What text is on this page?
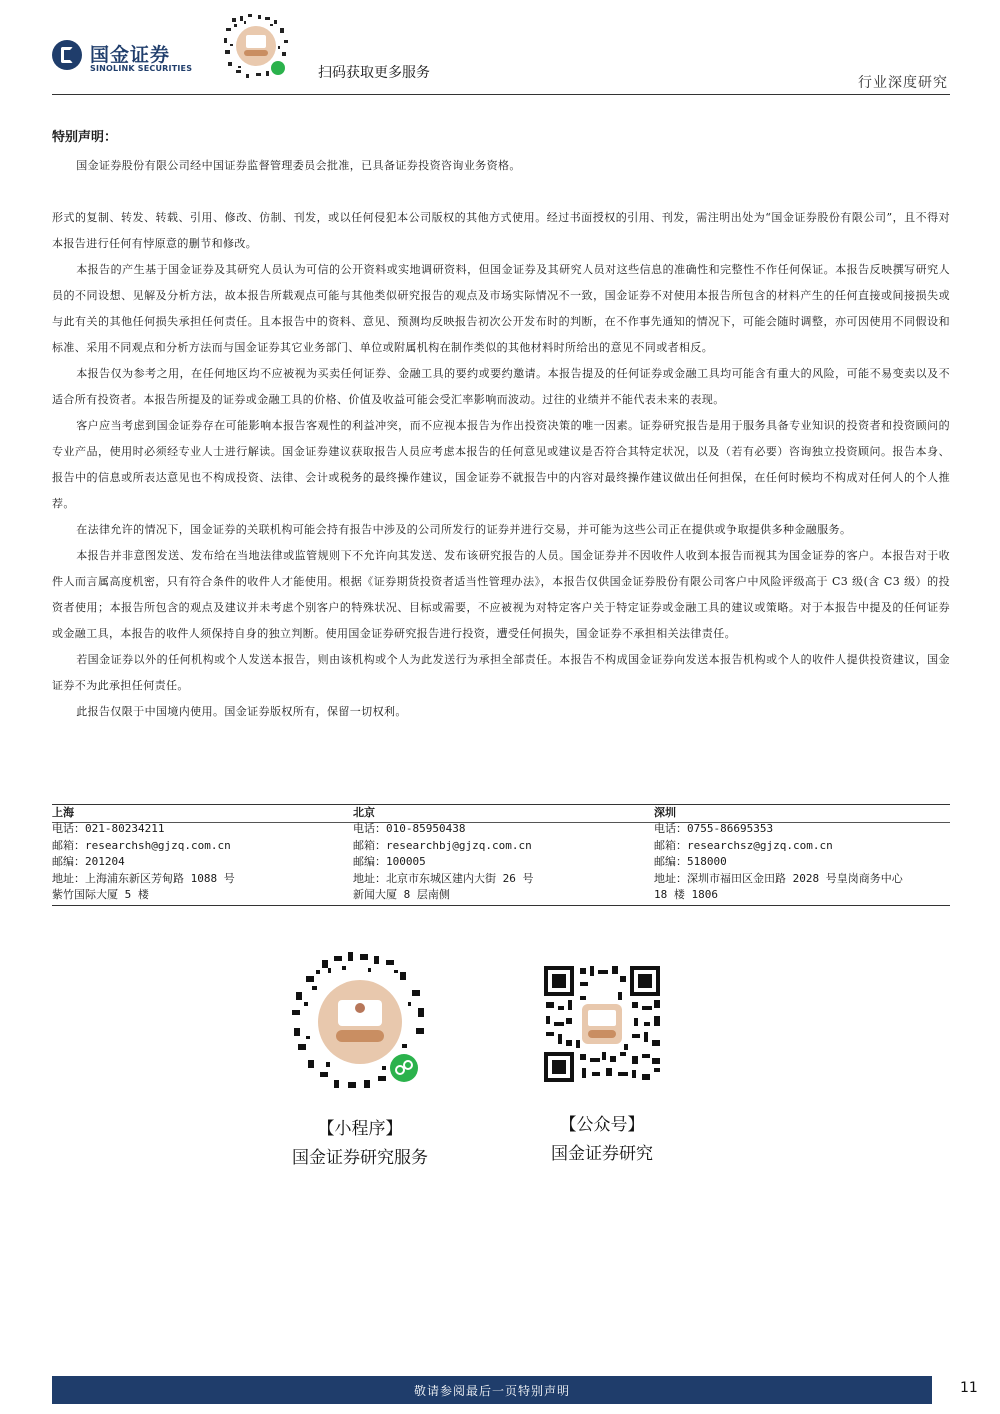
国金证券
SINOLINK SECURITIES	扫码获取更多服务
行业深度研究
特别声明：

国金证券股份有限公司经中国证券监督管理委员会批准，已具备证券投资咨询业务资格。

形式的复制、转发、转载、引用、修改、仿制、刊发，或以任何侵犯本公司版权的其他方式使用。经过书面授权的引用、刊发，需注明出处为“国金证券股份有限公司”，且不得对本报告进行任何有悖原意的删节和修改。

本报告的产生基于国金证券及其研究人员认为可信的公开资料或实地调研资料，但国金证券及其研究人员对这些信息的准确性和完整性不作任何保证。本报告反映撰写研究人员的不同设想、见解及分析方法，故本报告所载观点可能与其他类似研究报告的观点及市场实际情况不一致，国金证券不对使用本报告所包含的材料产生的任何直接或间接损失或与此有关的其他任何损失承担任何责任。且本报告中的资料、意见、预测均反映报告初次公开发布时的判断，在不作事先通知的情况下，可能会随时调整，亦可因使用不同假设和标准、采用不同观点和分析方法而与国金证券其它业务部门、单位或附属机构在制作类似的其他材料时所给出的意见不同或者相反。

本报告仅为参考之用，在任何地区均不应被视为买卖任何证券、金融工具的要约或要约邀请。本报告提及的任何证券或金融工具均可能含有重大的风险，可能不易变卖以及不适合所有投资者。本报告所提及的证券或金融工具的价格、价值及收益可能会受汇率影响而波动。过往的业绩并不能代表未来的表现。

客户应当考虑到国金证券存在可能影响本报告客观性的利益冲突，而不应视本报告为作出投资决策的唯一因素。证券研究报告是用于服务具备专业知识的投资者和投资顾问的专业产品，使用时必须经专业人士进行解读。国金证券建议获取报告人员应考虑本报告的任何意见或建议是否符合其特定状况，以及（若有必要）咨询独立投资顾问。报告本身、报告中的信息或所表达意见也不构成投资、法律、会计或税务的最终操作建议，国金证券不就报告中的内容对最终操作建议做出任何担保，在任何时候均不构成对任何人的个人推荐。

在法律允许的情况下，国金证券的关联机构可能会持有报告中涉及的公司所发行的证券并进行交易，并可能为这些公司正在提供或争取提供多种金融服务。

本报告并非意图发送、发布给在当地法律或监管规则下不允许向其发送、发布该研究报告的人员。国金证券并不因收件人收到本报告而视其为国金证券的客户。本报告对于收件人而言属高度机密，只有符合条件的收件人才能使用。根据《证券期货投资者适当性管理办法》，本报告仅供国金证券股份有限公司客户中风险评级高于 C3 级(含 C3 级）的投资者使用；本报告所包含的观点及建议并未考虑个别客户的特殊状况、目标或需要，不应被视为对特定客户关于特定证券或金融工具的建议或策略。对于本报告中提及的任何证券或金融工具，本报告的收件人须保持自身的独立判断。使用国金证券研究报告进行投资，遭受任何损失，国金证券不承担相关法律责任。

若国金证券以外的任何机构或个人发送本报告，则由该机构或个人为此发送行为承担全部责任。本报告不构成国金证券向发送本报告机构或个人的收件人提供投资建议，国金证券不为此承担任何责任。

此报告仅限于中国境内使用。国金证券版权所有，保留一切权利。

上海
电话：021-80234211
邮箱：researchsh@gjzq.com.cn
邮编：201204
地址：上海浦东新区芳甸路 1088 号
紫竹国际大厦 5 楼
北京
电话：010-85950438
邮箱：researchbj@gjzq.com.cn
邮编：100005
地址：北京市东城区建内大街 26 号
新闻大厦 8 层南侧
深圳
电话：0755-86695353
邮箱：researchsz@gjzq.com.cn
邮编：518000
地址：深圳市福田区金田路 2028 号皇岗商务中心
18 楼 1806
【小程序】
国金证券研究服务
【公众号】
国金证券研究
敬请参阅最后一页特别声明	11
